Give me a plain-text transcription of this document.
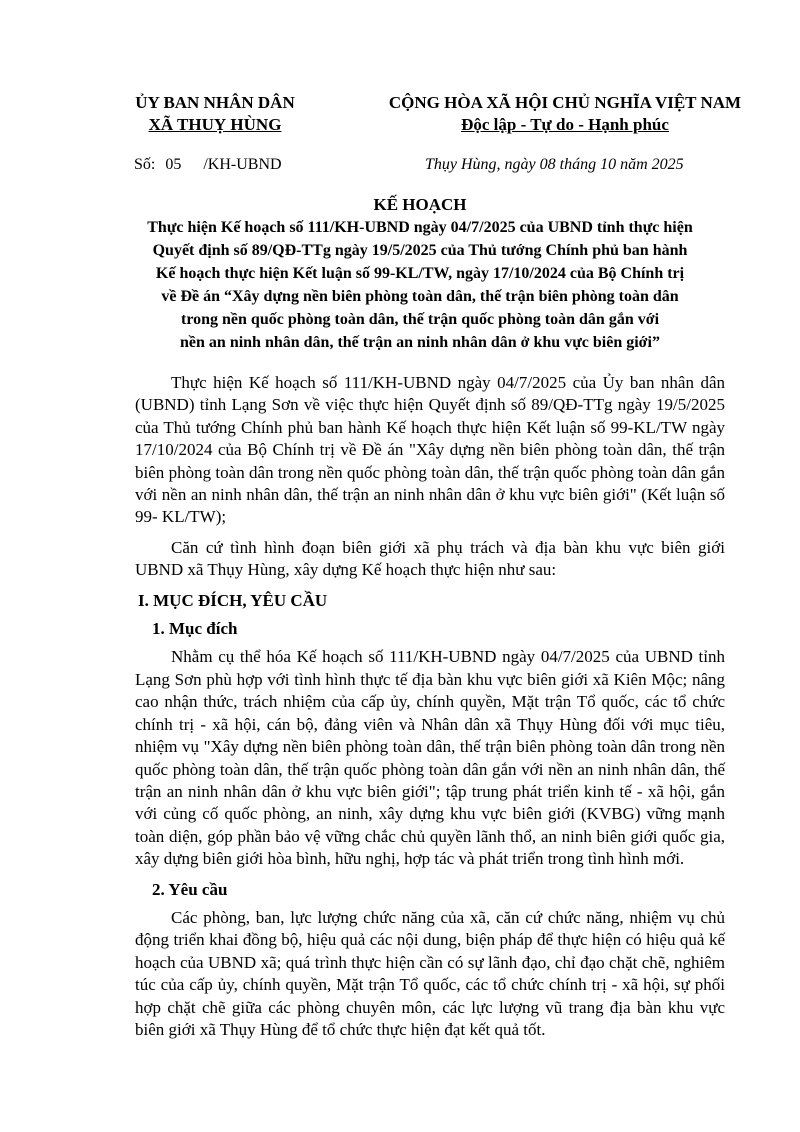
ỦY BAN NHÂN DÂN
XÃ THUỴ HÙNG
CỘNG HÒA XÃ HỘI CHỦ NGHĨA VIỆT NAM
Độc lập - Tự do - Hạnh phúc
Số: 05 /KH-UBND	Thụy Hùng, ngày 08 tháng 10 năm 2025
KẾ HOẠCH
Thực hiện Kế hoạch số 111/KH-UBND ngày 04/7/2025 của UBND tỉnh thực hiện
Quyết định số 89/QĐ-TTg ngày 19/5/2025 của Thủ tướng Chính phủ ban hành
Kế hoạch thực hiện Kết luận số 99-KL/TW, ngày 17/10/2024 của Bộ Chính trị
về Đề án “Xây dựng nền biên phòng toàn dân, thế trận biên phòng toàn dân
trong nền quốc phòng toàn dân, thế trận quốc phòng toàn dân gắn với
nền an ninh nhân dân, thế trận an ninh nhân dân ở khu vực biên giới”

Thực hiện Kế hoạch số 111/KH-UBND ngày 04/7/2025 của Ủy ban nhân dân (UBND) tỉnh Lạng Sơn về việc thực hiện Quyết định số 89/QĐ-TTg ngày 19/5/2025 của Thủ tướng Chính phủ ban hành Kế hoạch thực hiện Kết luận số 99-KL/TW ngày 17/10/2024 của Bộ Chính trị về Đề án "Xây dựng nền biên phòng toàn dân, thế trận biên phòng toàn dân trong nền quốc phòng toàn dân, thế trận quốc phòng toàn dân gắn với nền an ninh nhân dân, thế trận an ninh nhân dân ở khu vực biên giới" (Kết luận số 99- KL/TW);

Căn cứ tình hình đoạn biên giới xã phụ trách và địa bàn khu vực biên giới UBND xã Thụy Hùng, xây dựng Kế hoạch thực hiện như sau:

I. MỤC ĐÍCH, YÊU CẦU
1. Mục đích

Nhằm cụ thể hóa Kế hoạch số 111/KH-UBND ngày 04/7/2025 của UBND tỉnh Lạng Sơn phù hợp với tình hình thực tế địa bàn khu vực biên giới xã Kiên Mộc; nâng cao nhận thức, trách nhiệm của cấp ủy, chính quyền, Mặt trận Tổ quốc, các tổ chức chính trị - xã hội, cán bộ, đảng viên và Nhân dân xã Thụy Hùng đối với mục tiêu, nhiệm vụ "Xây dựng nền biên phòng toàn dân, thế trận biên phòng toàn dân trong nền quốc phòng toàn dân, thế trận quốc phòng toàn dân gắn với nền an ninh nhân dân, thế trận an ninh nhân dân ở khu vực biên giới"; tập trung phát triển kinh tế - xã hội, gắn với củng cố quốc phòng, an ninh, xây dựng khu vực biên giới (KVBG) vững mạnh toàn diện, góp phần bảo vệ vững chắc chủ quyền lãnh thổ, an ninh biên giới quốc gia, xây dựng biên giới hòa bình, hữu nghị, hợp tác và phát triển trong tình hình mới.

2. Yêu cầu

Các phòng, ban, lực lượng chức năng của xã, căn cứ chức năng, nhiệm vụ chủ động triển khai đồng bộ, hiệu quả các nội dung, biện pháp để thực hiện có hiệu quả kế hoạch của UBND xã; quá trình thực hiện cần có sự lãnh đạo, chỉ đạo chặt chẽ, nghiêm túc của cấp ủy, chính quyền, Mặt trận Tổ quốc, các tổ chức chính trị - xã hội, sự phối hợp chặt chẽ giữa các phòng chuyên môn, các lực lượng vũ trang địa bàn khu vực biên giới xã Thụy Hùng để tổ chức thực hiện đạt kết quả tốt.
